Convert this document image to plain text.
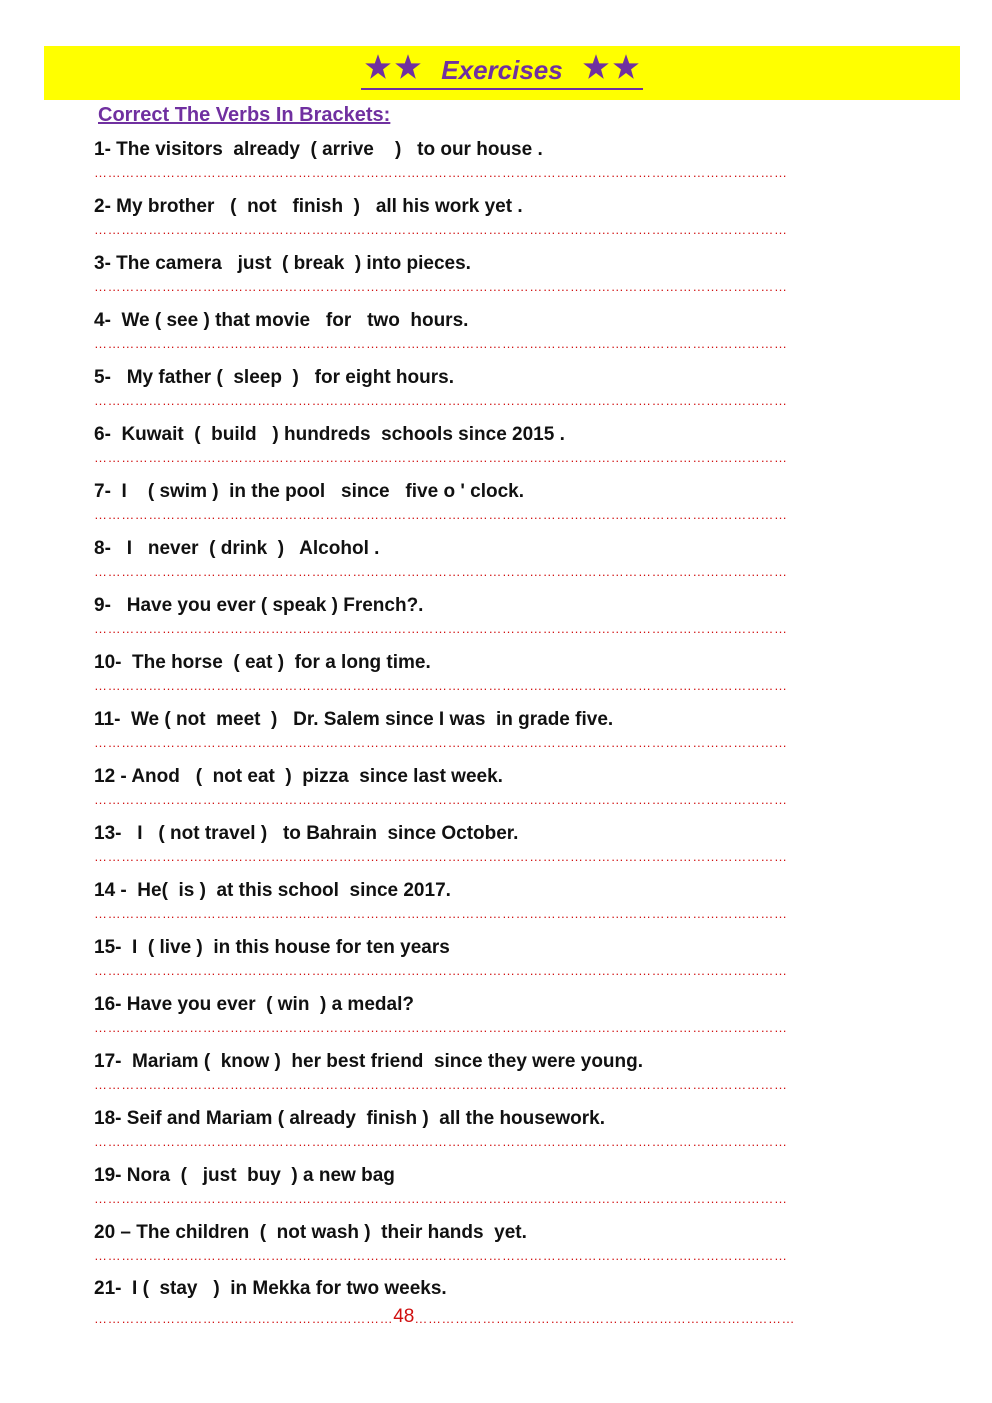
Exercises
Correct The Verbs In Brackets:
1- The visitors  already  ( arrive    )   to our house .
………………………………………………………………………………………………………………………………………
2- My brother   (  not   finish  )   all his work yet .
………………………………………………………………………………………………………………………………………
3- The camera   just  ( break  ) into pieces.
………………………………………………………………………………………………………………………………………
4-  We ( see ) that movie   for   two  hours.
………………………………………………………………………………………………………………………………………
5-   My father (  sleep  )   for eight hours.
………………………………………………………………………………………………………………………………………
6-  Kuwait  (  build   ) hundreds  schools since 2015 .
………………………………………………………………………………………………………………………………………
7-  I    ( swim )  in the pool   since   five o ' clock.
………………………………………………………………………………………………………………………………………
8-   I   never  ( drink  )   Alcohol .
………………………………………………………………………………………………………………………………………
9-   Have you ever ( speak ) French?.
………………………………………………………………………………………………………………………………………
10-  The horse  ( eat )  for a long time.
………………………………………………………………………………………………………………………………………
11-  We ( not  meet  )   Dr. Salem since I was  in grade five.
………………………………………………………………………………………………………………………………………
12 - Anod   (  not eat  )  pizza  since last week.
………………………………………………………………………………………………………………………………………
13-   I   ( not travel )   to Bahrain  since October.
………………………………………………………………………………………………………………………………………
14 -  He(  is )  at this school  since 2017.
………………………………………………………………………………………………………………………………………
15-  I  ( live )  in this house for ten years
………………………………………………………………………………………………………………………………………
16- Have you ever  ( win  ) a medal?
………………………………………………………………………………………………………………………………………
17-  Mariam (  know )  her best friend  since they were young.
………………………………………………………………………………………………………………………………………
18- Seif and Mariam ( already  finish )  all the housework.
………………………………………………………………………………………………………………………………………
19- Nora  (   just  buy  ) a new bag
………………………………………………………………………………………………………………………………………
20 – The children  (  not wash )  their hands  yet.
………………………………………………………………………………………………………………………………………
21-  I (  stay   )  in Mekka for two weeks.
…………………………………………………………48…………………………………………………………………………
